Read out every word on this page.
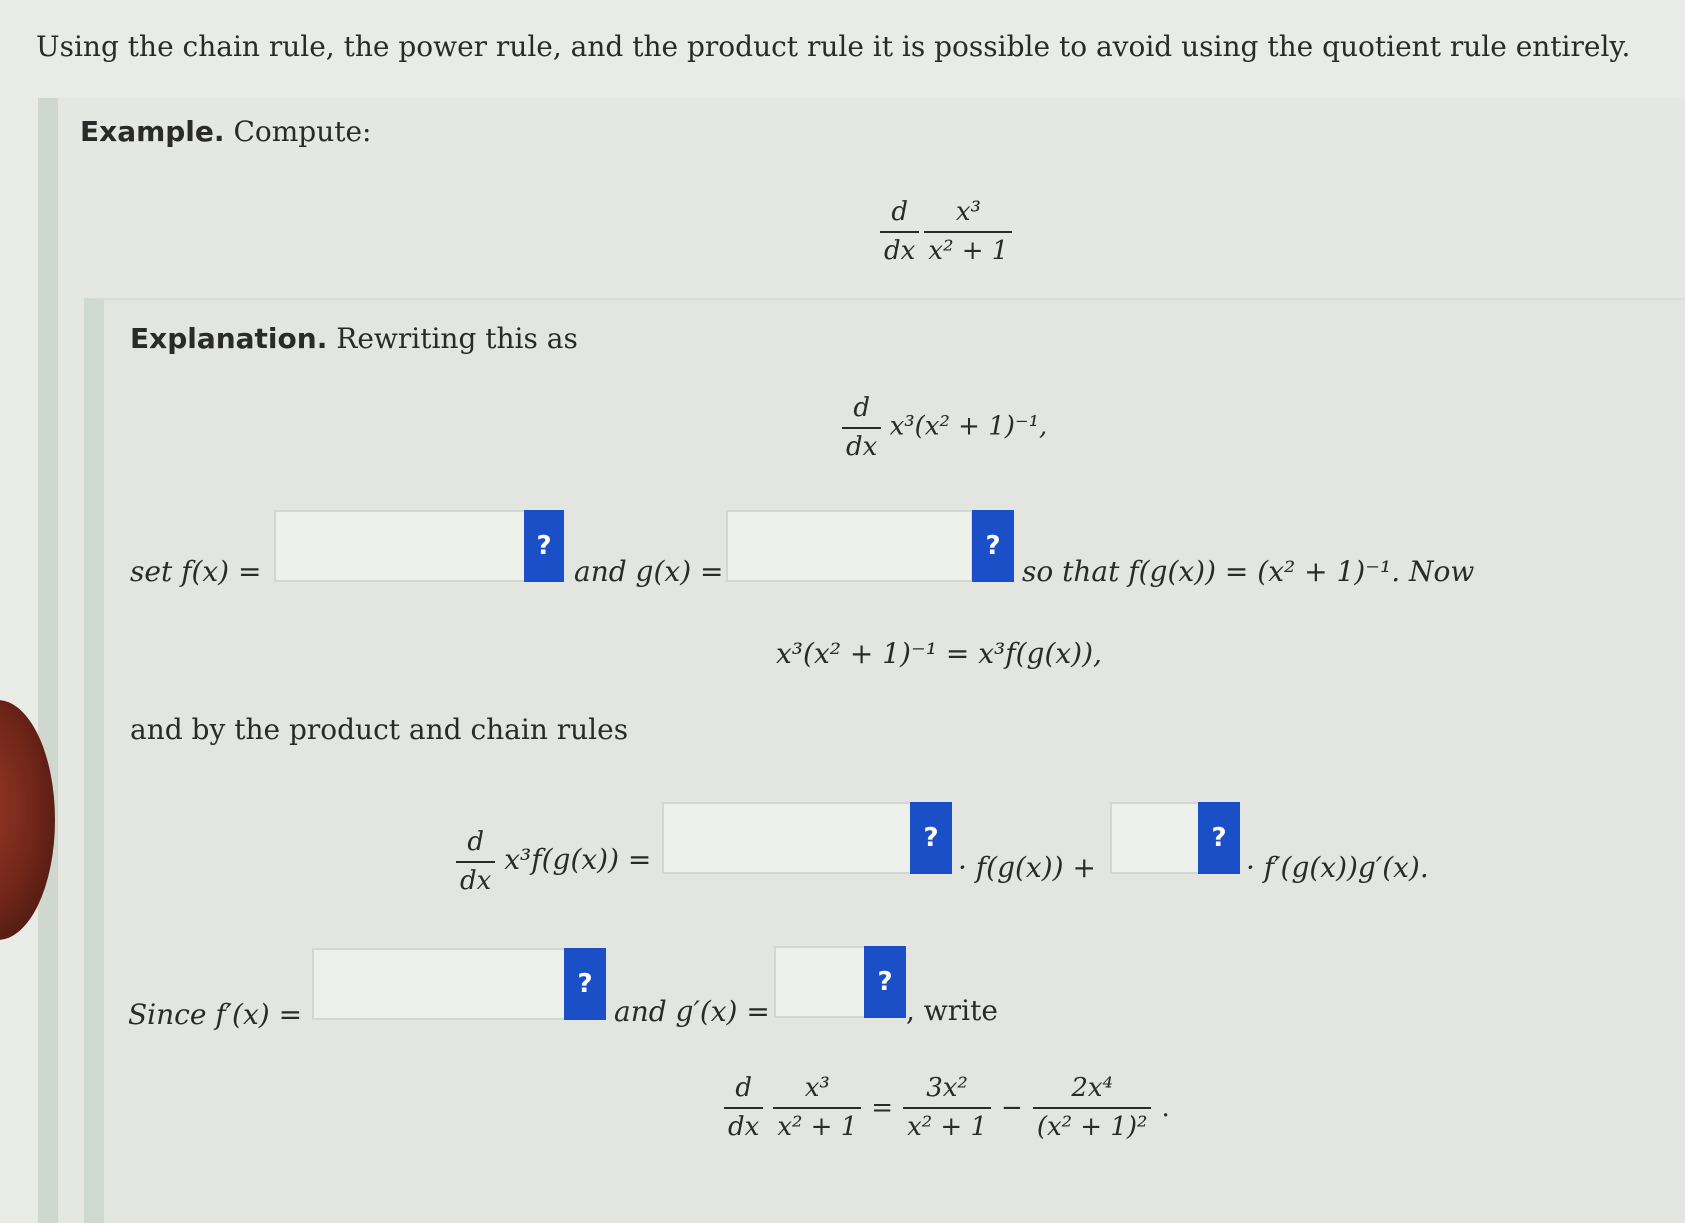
Using the chain rule, the power rule, and the product rule it is possible to avoid using the quotient rule entirely.
Example. Compute:
$\frac{d}{dx}$
$\frac{\text{x³}}{\text{x² + 1}}$
Explanation. Rewriting this as
$\frac{d}{dx} x^3(x^2 + 1)^{-1}$,
set f(x) =
?
and g(x) =
?
so that f(g(x)) = (x² + 1)⁻¹. Now
x³(x² + 1)⁻¹ = x³f(g(x)),
and by the product and chain rules
$\frac{d}{dx} x^3f(g(x))$ =
?
· f(g(x)) +
?
· f′(g(x))g′(x).
Since f′(x) =
?
and g′(x) =
?
, write
$\frac{d}{dx} \frac{\text{x³}}{\text{x² + 1}} = \frac{\text{3x²}}{\text{x² + 1}} - \frac{\text{2x⁴}}{\text{(x² + 1)²}}$ .
